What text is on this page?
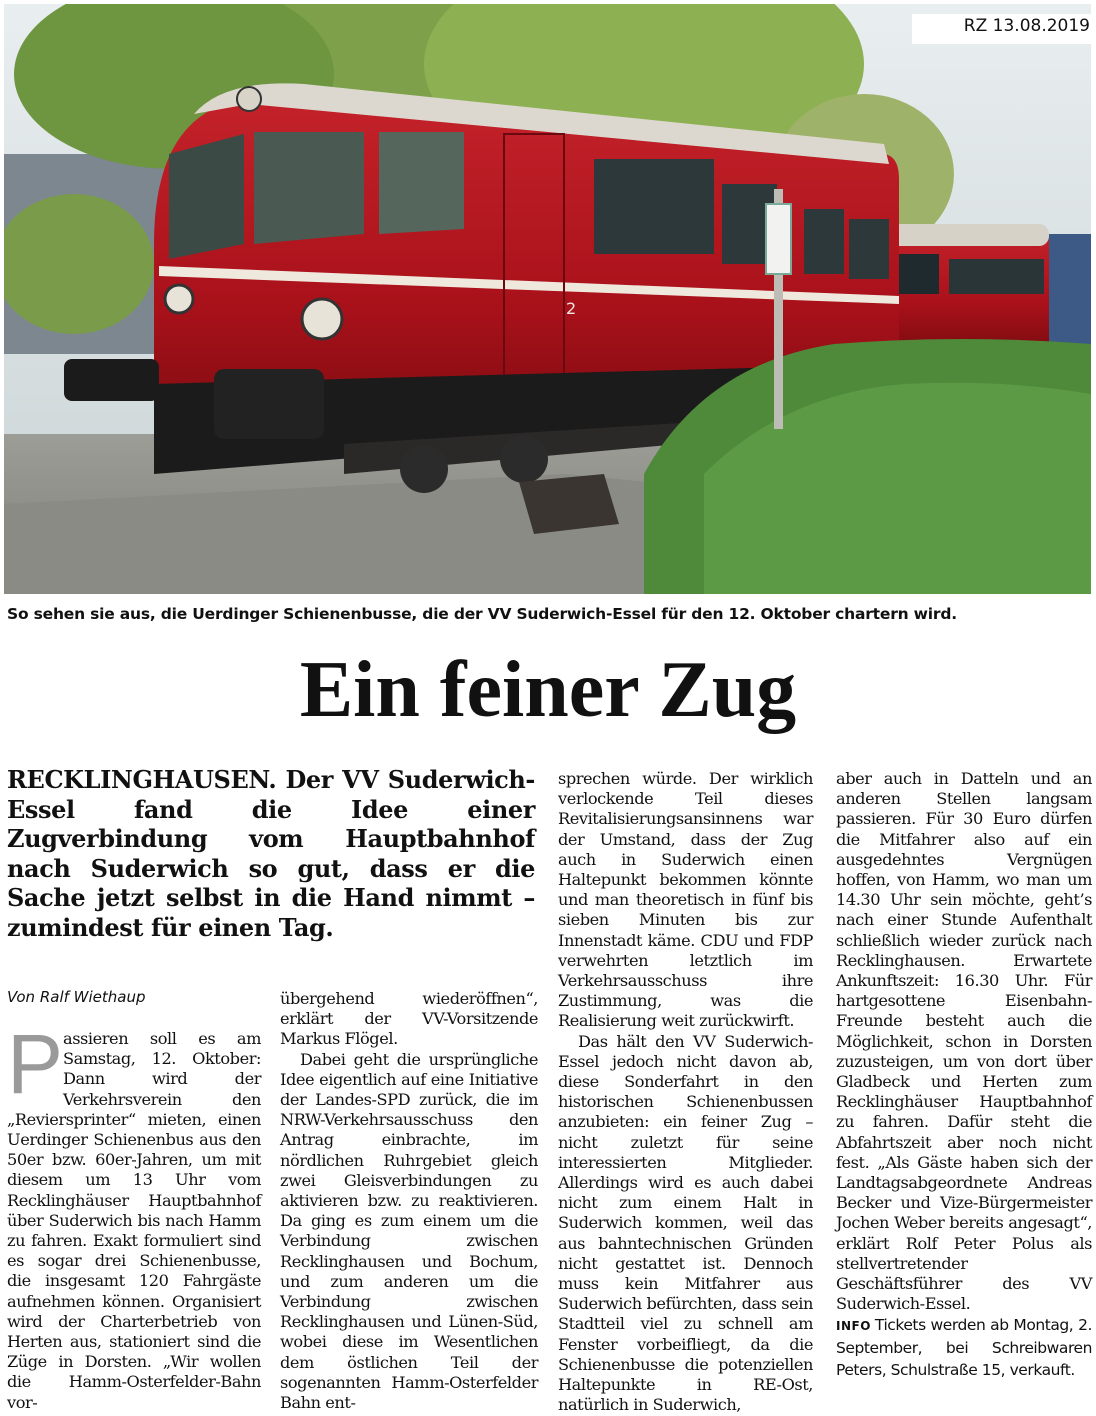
2
RZ 13.08.2019
So sehen sie aus, die Uerdinger Schienenbusse, die der VV Suderwich-Essel für den 12. Oktober chartern wird.
Ein feiner Zug
RECKLINGHAUSEN. Der VV Suderwich-Essel fand die Idee einer Zugverbindung vom Hauptbahnhof nach Suderwich so gut, dass er die Sache jetzt selbst in die Hand nimmt – zumindest für einen Tag.
Von Ralf Wiethaup
P assieren soll es am Samstag, 12. Oktober: Dann wird der Verkehrsverein den „Reviersprinter“ mieten, einen Uerdinger Schienenbus aus den 50er bzw. 60er-Jahren, um mit diesem um 13 Uhr vom Recklinghäuser Hauptbahnhof über Suderwich bis nach Hamm zu fahren. Exakt formuliert sind es sogar drei Schienenbusse, die insgesamt 120 Fahrgäste aufnehmen können. Organisiert wird der Charterbetrieb von Herten aus, stationiert sind die Züge in Dorsten. „Wir wollen die Hamm-Osterfelder-Bahn vor-

übergehend wiederöffnen“, erklärt der VV-Vorsitzende Markus Flögel.

Dabei geht die ursprüngliche Idee eigentlich auf eine Initiative der Landes-SPD zurück, die im NRW-Verkehrsausschuss den Antrag einbrachte, im nördlichen Ruhrgebiet gleich zwei Gleisverbindungen zu aktivieren bzw. zu reaktivieren. Da ging es zum einem um die Verbindung zwischen Recklinghausen und Bochum, und zum anderen um die Verbindung zwischen Recklinghausen und Lünen-Süd, wobei diese im Wesentlichen dem östlichen Teil der sogenannten Hamm-Osterfelder Bahn ent-

sprechen würde. Der wirklich verlockende Teil dieses Revitalisierungsansinnens war der Umstand, dass der Zug auch in Suderwich einen Haltepunkt bekommen könnte und man theoretisch in fünf bis sieben Minuten bis zur Innenstadt käme. CDU und FDP verwehrten letztlich im Verkehrsausschuss ihre Zustimmung, was die Realisierung weit zurückwirft.

Das hält den VV Suderwich-Essel jedoch nicht davon ab, diese Sonderfahrt in den historischen Schienenbussen anzubieten: ein feiner Zug – nicht zuletzt für seine interessierten Mitglieder. Allerdings wird es auch dabei nicht zum einem Halt in Suderwich kommen, weil das aus bahntechnischen Gründen nicht gestattet ist. Dennoch muss kein Mitfahrer aus Suderwich befürchten, dass sein Stadtteil viel zu schnell am Fenster vorbeifliegt, da die Schienenbusse die potenziellen Haltepunkte in RE-Ost, natürlich in Suderwich,

aber auch in Datteln und an anderen Stellen langsam passieren. Für 30 Euro dürfen die Mitfahrer also auf ein ausgedehntes Vergnügen hoffen, von Hamm, wo man um 14.30 Uhr sein möchte, geht’s nach einer Stunde Aufenthalt schließlich wieder zurück nach Recklinghausen. Erwartete Ankunftszeit: 16.30 Uhr. Für hartgesottene Eisenbahn-Freunde besteht auch die Möglichkeit, schon in Dorsten zuzusteigen, um von dort über Gladbeck und Herten zum Recklinghäuser Hauptbahnhof zu fahren. Dafür steht die Abfahrtszeit aber noch nicht fest. „Als Gäste haben sich der Landtagsabgeordnete Andreas Becker und Vize-Bürgermeister Jochen Weber bereits angesagt“, erklärt Rolf Peter Polus als stellvertretender Geschäftsführer des VV Suderwich-Essel.

INFO Tickets werden ab Montag, 2. September, bei Schreibwaren Peters, Schulstraße 15, verkauft.
